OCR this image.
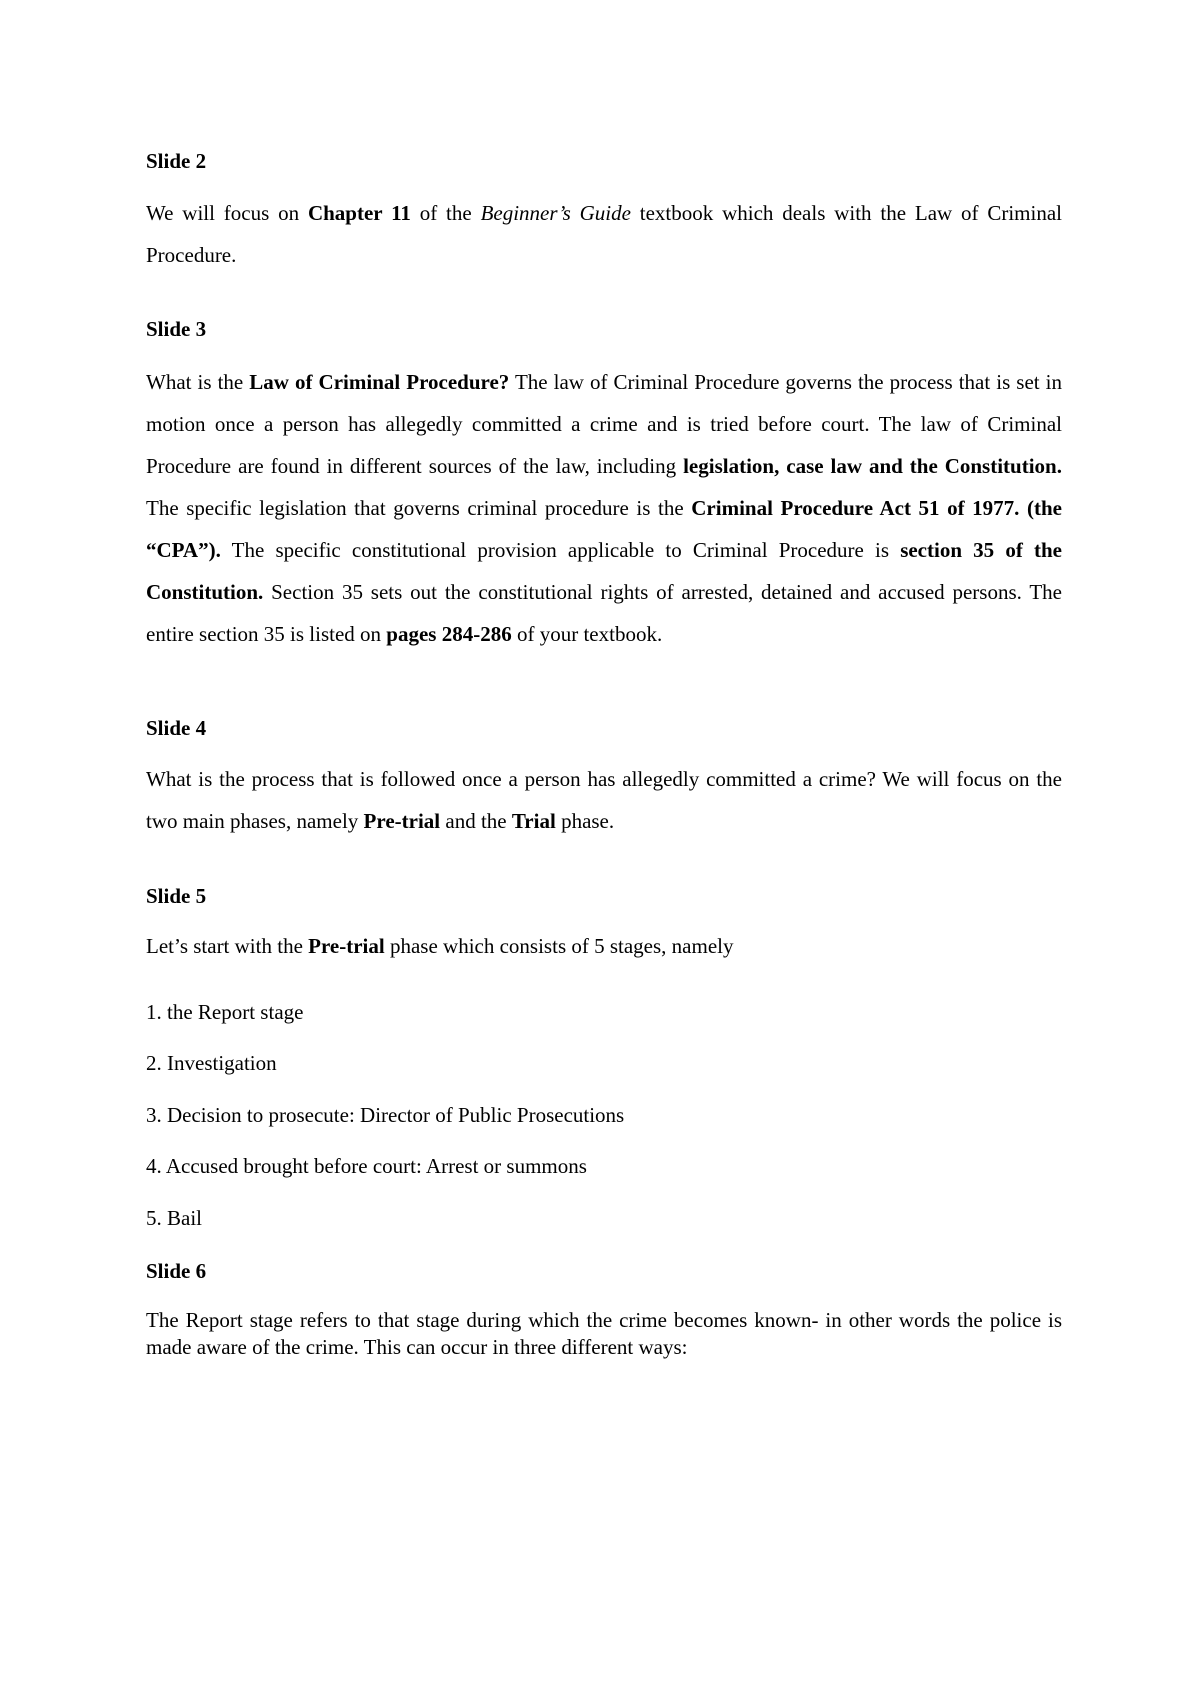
Slide 2

We will focus on Chapter 11 of the Beginner’s Guide textbook which deals with the Law of Criminal Procedure.

Slide 3

What is the Law of Criminal Procedure? The law of Criminal Procedure governs the process that is set in motion once a person has allegedly committed a crime and is tried before court. The law of Criminal Procedure are found in different sources of the law, including legislation, case law and the Constitution. The specific legislation that governs criminal procedure is the Criminal Procedure Act 51 of 1977. (the “CPA”). The specific constitutional provision applicable to Criminal Procedure is section 35 of the Constitution. Section 35 sets out the constitutional rights of arrested, detained and accused persons. The entire section 35 is listed on pages 284-286 of your textbook.

Slide 4

What is the process that is followed once a person has allegedly committed a crime? We will focus on the two main phases, namely Pre-trial and the Trial phase.

Slide 5

Let’s start with the Pre-trial phase which consists of 5 stages, namely

1. the Report stage

2. Investigation

3. Decision to prosecute: Director of Public Prosecutions

4. Accused brought before court: Arrest or summons

5. Bail

Slide 6

The Report stage refers to that stage during which the crime becomes known- in other words the police is made aware of the crime. This can occur in three different ways:
